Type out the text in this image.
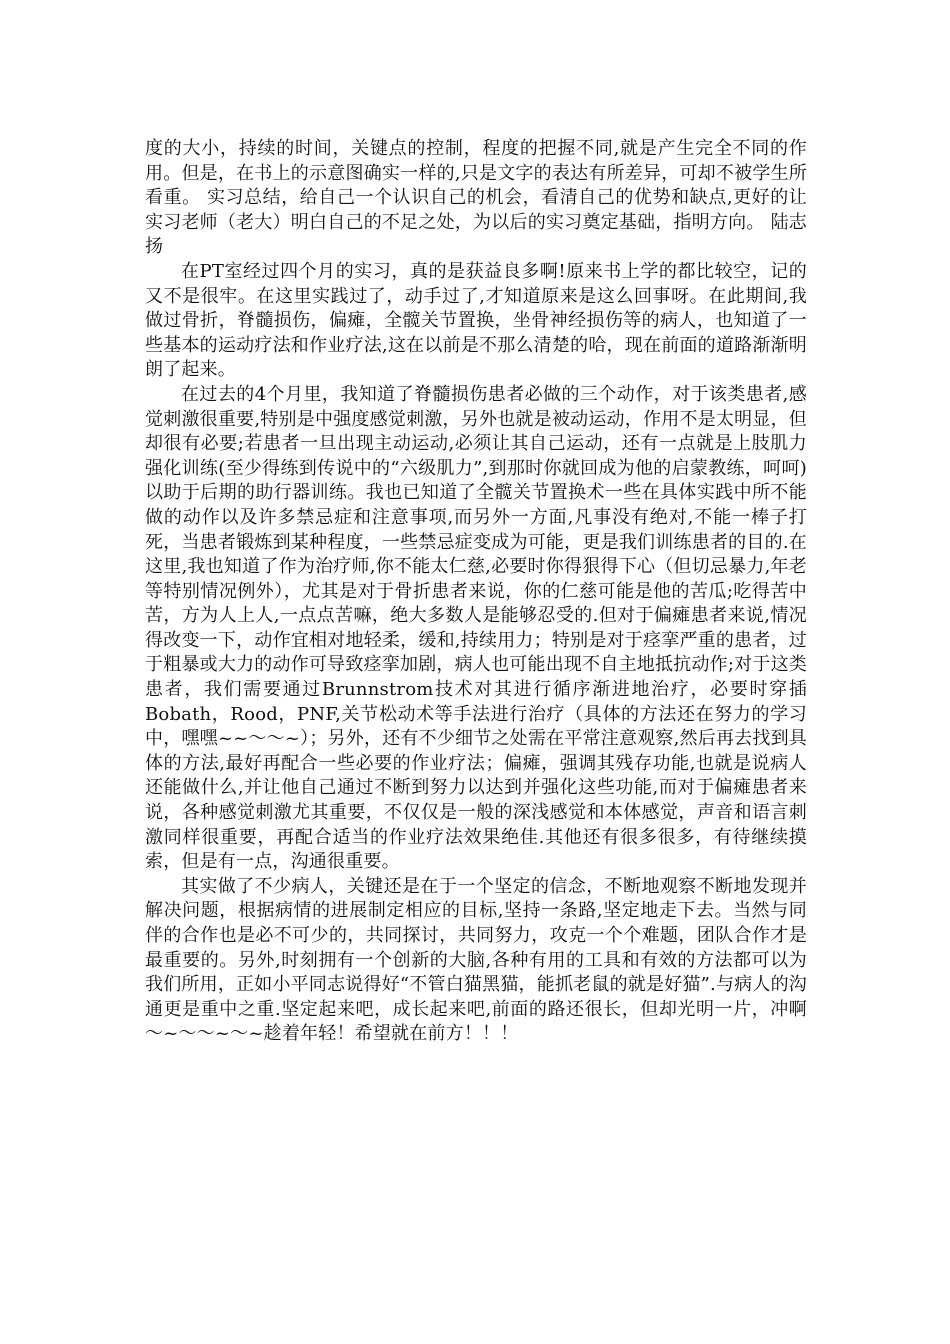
度的大小，持续的时间，关键点的控制，程度的把握不同,就是产生完全不同的作用。但是，在书上的示意图确实一样的,只是文字的表达有所差异，可却不被学生所看重。 实习总结，给自己一个认识自己的机会，看清自己的优势和缺点,更好的让实习老师（老大）明白自己的不足之处，为以后的实习奠定基础，指明方向。 陆志扬

在PT室经过四个月的实习，真的是获益良多啊!原来书上学的都比较空，记的又不是很牢。在这里实践过了，动手过了,才知道原来是这么回事呀。在此期间,我做过骨折，脊髓损伤，偏瘫，全髋关节置换，坐骨神经损伤等的病人，也知道了一些基本的运动疗法和作业疗法,这在以前是不那么清楚的哈，现在前面的道路渐渐明朗了起来。

在过去的4个月里，我知道了脊髓损伤患者必做的三个动作，对于该类患者,感觉刺激很重要,特别是中强度感觉刺激，另外也就是被动运动，作用不是太明显，但却很有必要;若患者一旦出现主动运动,必须让其自己运动，还有一点就是上肢肌力强化训练(至少得练到传说中的“六级肌力”,到那时你就回成为他的启蒙教练，呵呵)以助于后期的助行器训练。我也已知道了全髋关节置换术一些在具体实践中所不能做的动作以及许多禁忌症和注意事项,而另外一方面,凡事没有绝对,不能一棒子打死，当患者锻炼到某种程度，一些禁忌症变成为可能，更是我们训练患者的目的.在这里,我也知道了作为治疗师,你不能太仁慈,必要时你得狠得下心（但切忌暴力,年老等特别情况例外），尤其是对于骨折患者来说，你的仁慈可能是他的苦瓜;吃得苦中苦，方为人上人,一点点苦嘛，绝大多数人是能够忍受的.但对于偏瘫患者来说,情况得改变一下，动作宜相对地轻柔，缓和,持续用力；特别是对于痉挛严重的患者，过于粗暴或大力的动作可导致痉挛加剧，病人也可能出现不自主地抵抗动作;对于这类患者，我们需要通过Brunnstrom技术对其进行循序渐进地治疗，必要时穿插Bobath，Rood，PNF,关节松动术等手法进行治疗（具体的方法还在努力的学习中，嘿嘿~~～～~）；另外，还有不少细节之处需在平常注意观察,然后再去找到具体的方法,最好再配合一些必要的作业疗法；偏瘫，强调其残存功能,也就是说病人还能做什么,并让他自己通过不断到努力以达到并强化这些功能,而对于偏瘫患者来说，各种感觉刺激尤其重要，不仅仅是一般的深浅感觉和本体感觉，声音和语言刺激同样很重要，再配合适当的作业疗法效果绝佳.其他还有很多很多，有待继续摸索，但是有一点，沟通很重要。

其实做了不少病人，关键还是在于一个坚定的信念，不断地观察不断地发现并解决问题，根据病情的进展制定相应的目标,坚持一条路,坚定地走下去。当然与同伴的合作也是必不可少的，共同探讨，共同努力，攻克一个个难题，团队合作才是最重要的。另外,时刻拥有一个创新的大脑,各种有用的工具和有效的方法都可以为我们所用，正如小平同志说得好“不管白猫黑猫，能抓老鼠的就是好猫”.与病人的沟通更是重中之重.坚定起来吧，成长起来吧,前面的路还很长，但却光明一片，冲啊～~～～~～~趁着年轻！希望就在前方！！！
